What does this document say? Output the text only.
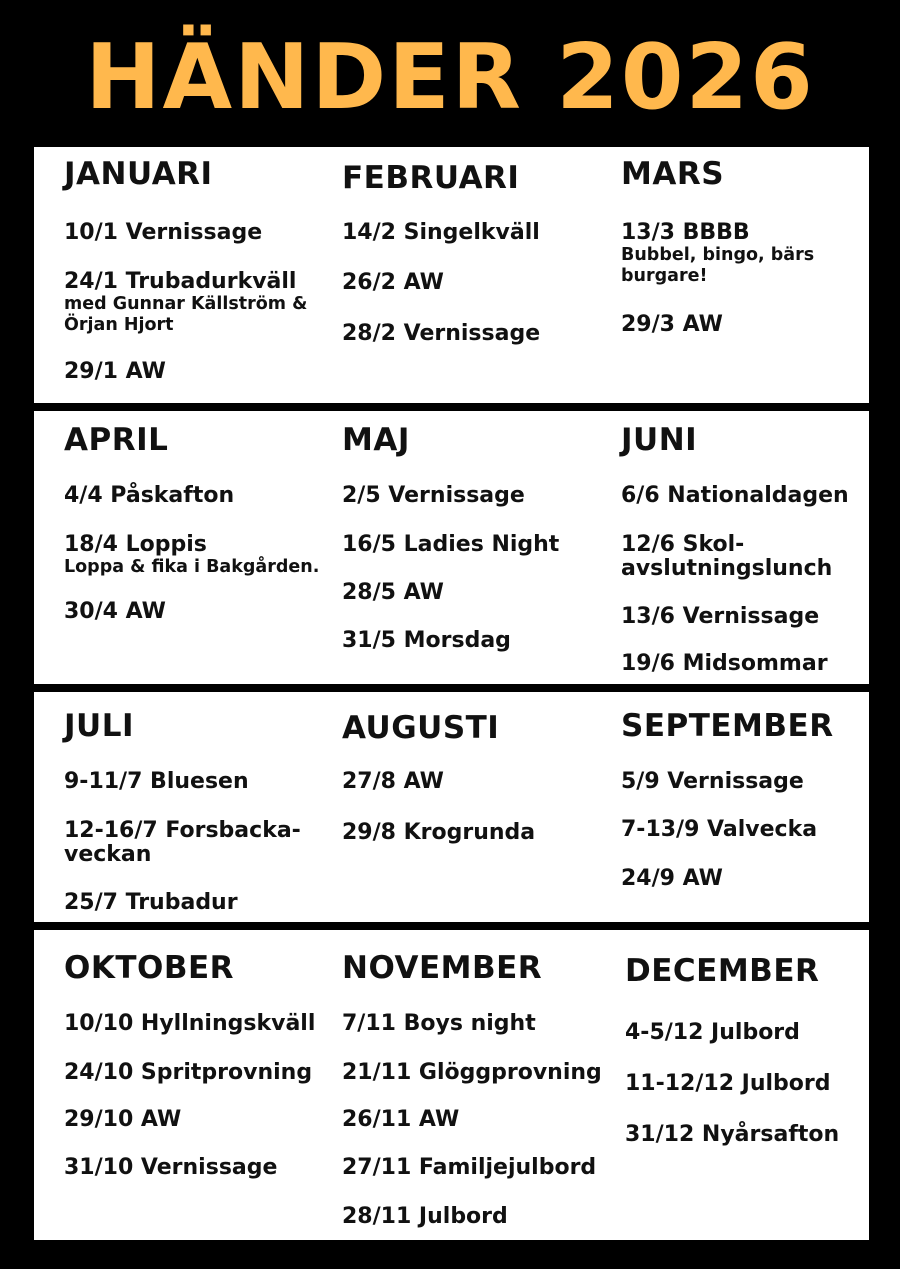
HÄNDER 2026
JANUARI
10/1 Vernissage
24/1 Trubadurkväll
med Gunnar Källström & Örjan Hjort
29/1 AW
FEBRUARI
14/2 Singelkväll
26/2 AW
28/2 Vernissage
MARS
13/3 BBBB
Bubbel, bingo, bärs burgare!
29/3 AW
APRIL
4/4 Påskafton
18/4 Loppis
Loppa & fika i Bakgården.
30/4 AW
MAJ
2/5 Vernissage
16/5 Ladies Night
28/5 AW
31/5 Morsdag
JUNI
6/6 Nationaldagen
12/6 Skol- avslutningslunch
13/6 Vernissage
19/6 Midsommar
JULI
9-11/7 Bluesen
12-16/7 Forsbacka- veckan
25/7 Trubadur
AUGUSTI
27/8 AW
29/8 Krogrunda
SEPTEMBER
5/9 Vernissage
7-13/9 Valvecka
24/9 AW
OKTOBER
10/10 Hyllningskväll
24/10 Spritprovning
29/10 AW
31/10 Vernissage
NOVEMBER
7/11 Boys night
21/11 Glöggprovning
26/11 AW
27/11 Familjejulbord
28/11 Julbord
DECEMBER
4-5/12 Julbord
11-12/12 Julbord
31/12 Nyårsafton
